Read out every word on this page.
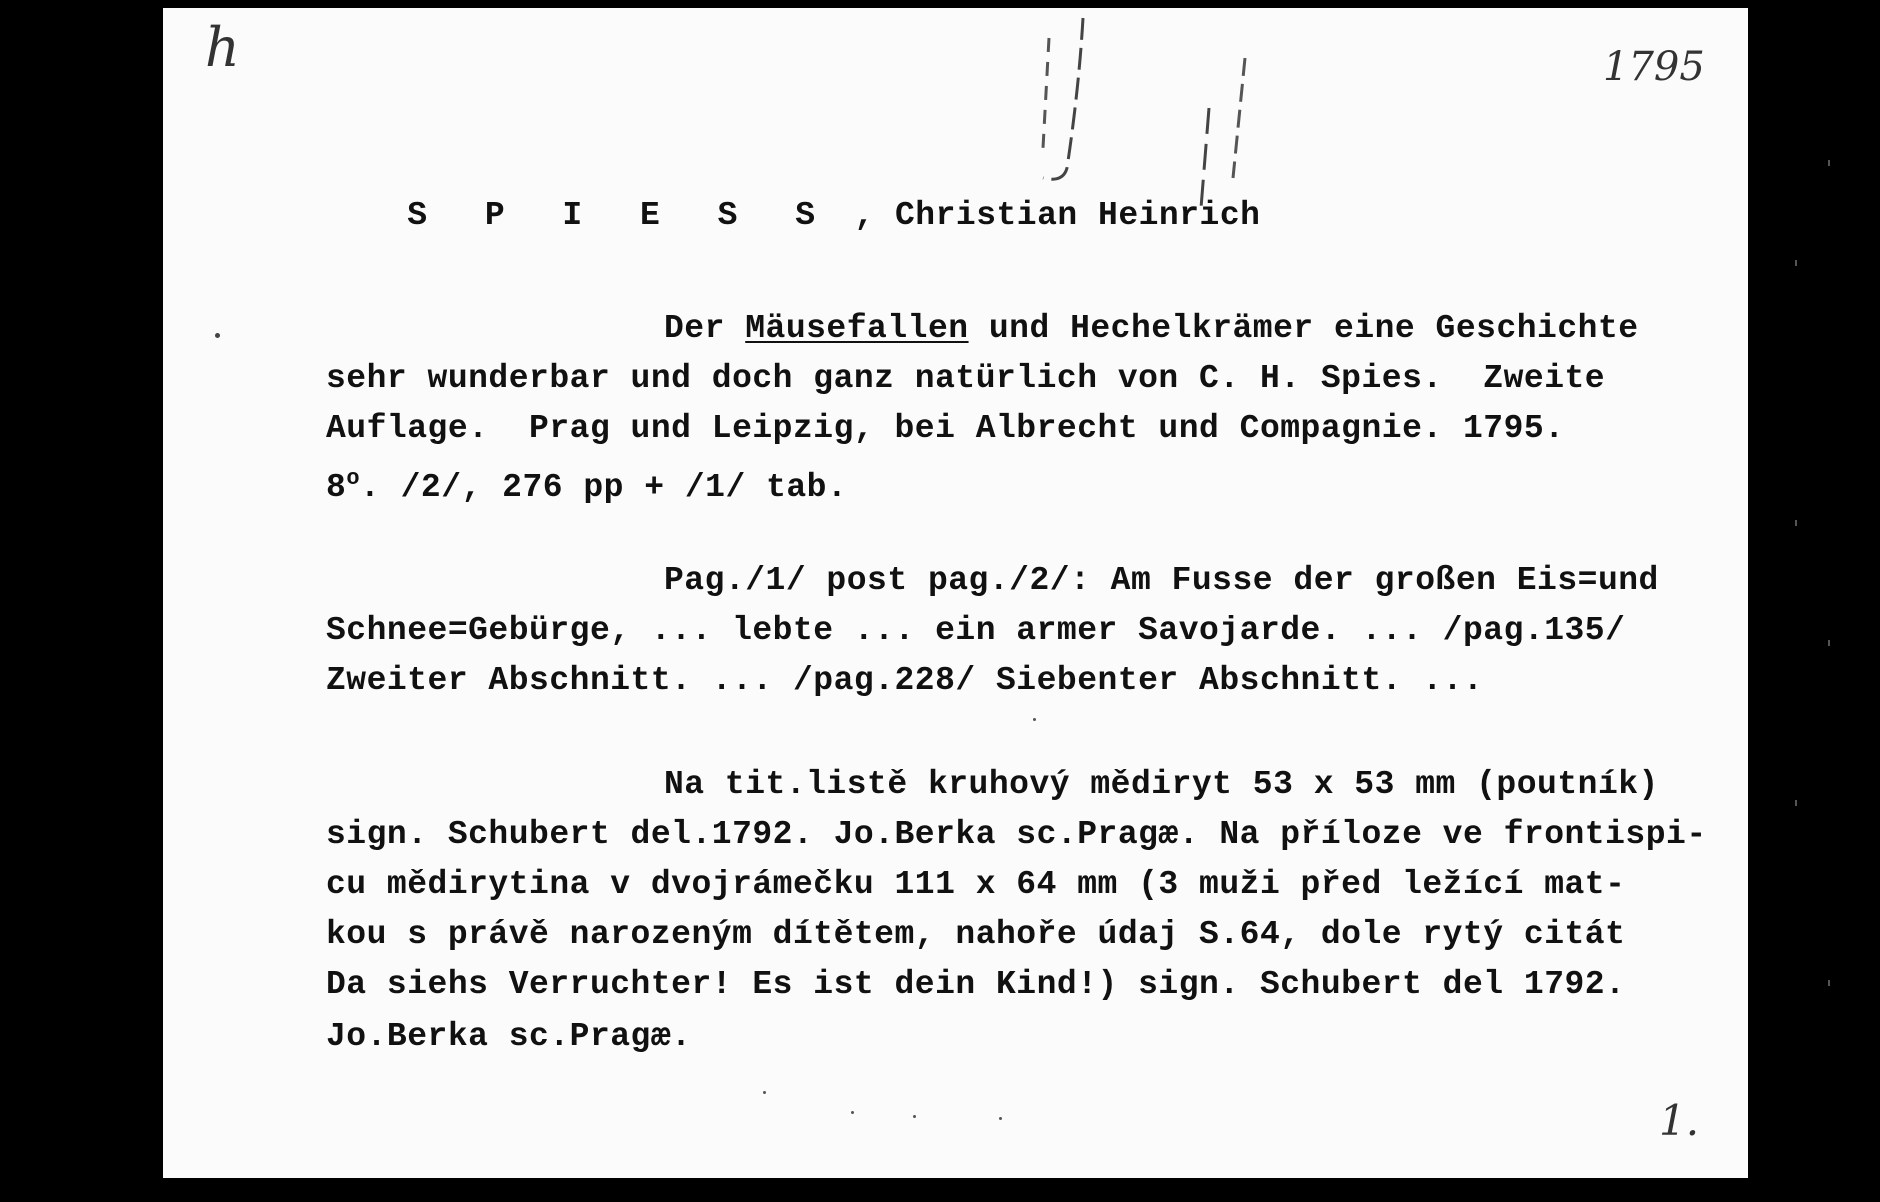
h	1795
1.

S P I E S S , Christian Heinrich

Der Mäusefallen und Hechelkrämer eine Geschichte
sehr wunderbar und doch ganz natürlich von C. H. Spies.  Zweite
Auflage.  Prag und Leipzig, bei Albrecht und Compagnie. 1795.
8$^o$. /2/, 276 pp + /1/ tab.
Pag./1/ post pag./2/: Am Fusse der großen Eis=und
Schnee=Gebürge, ... lebte ... ein armer Savojarde. ... /pag.135/
Zweiter Abschnitt. ... /pag.228/ Siebenter Abschnitt. ...
Na tit.listě kruhový mědiryt 53 x 53 mm (poutník)
sign. Schubert del.1792. Jo.Berka sc.Pragæ. Na příloze ve frontispi-
cu mědirytina v dvojrámečku 111 x 64 mm (3 muži před ležící mat-
kou s právě narozeným dítětem, nahoře údaj S.64, dole rytý citát
Da siehs Verruchter! Es ist dein Kind!) sign. Schubert del 1792.
Jo.Berka sc.Pragæ.
